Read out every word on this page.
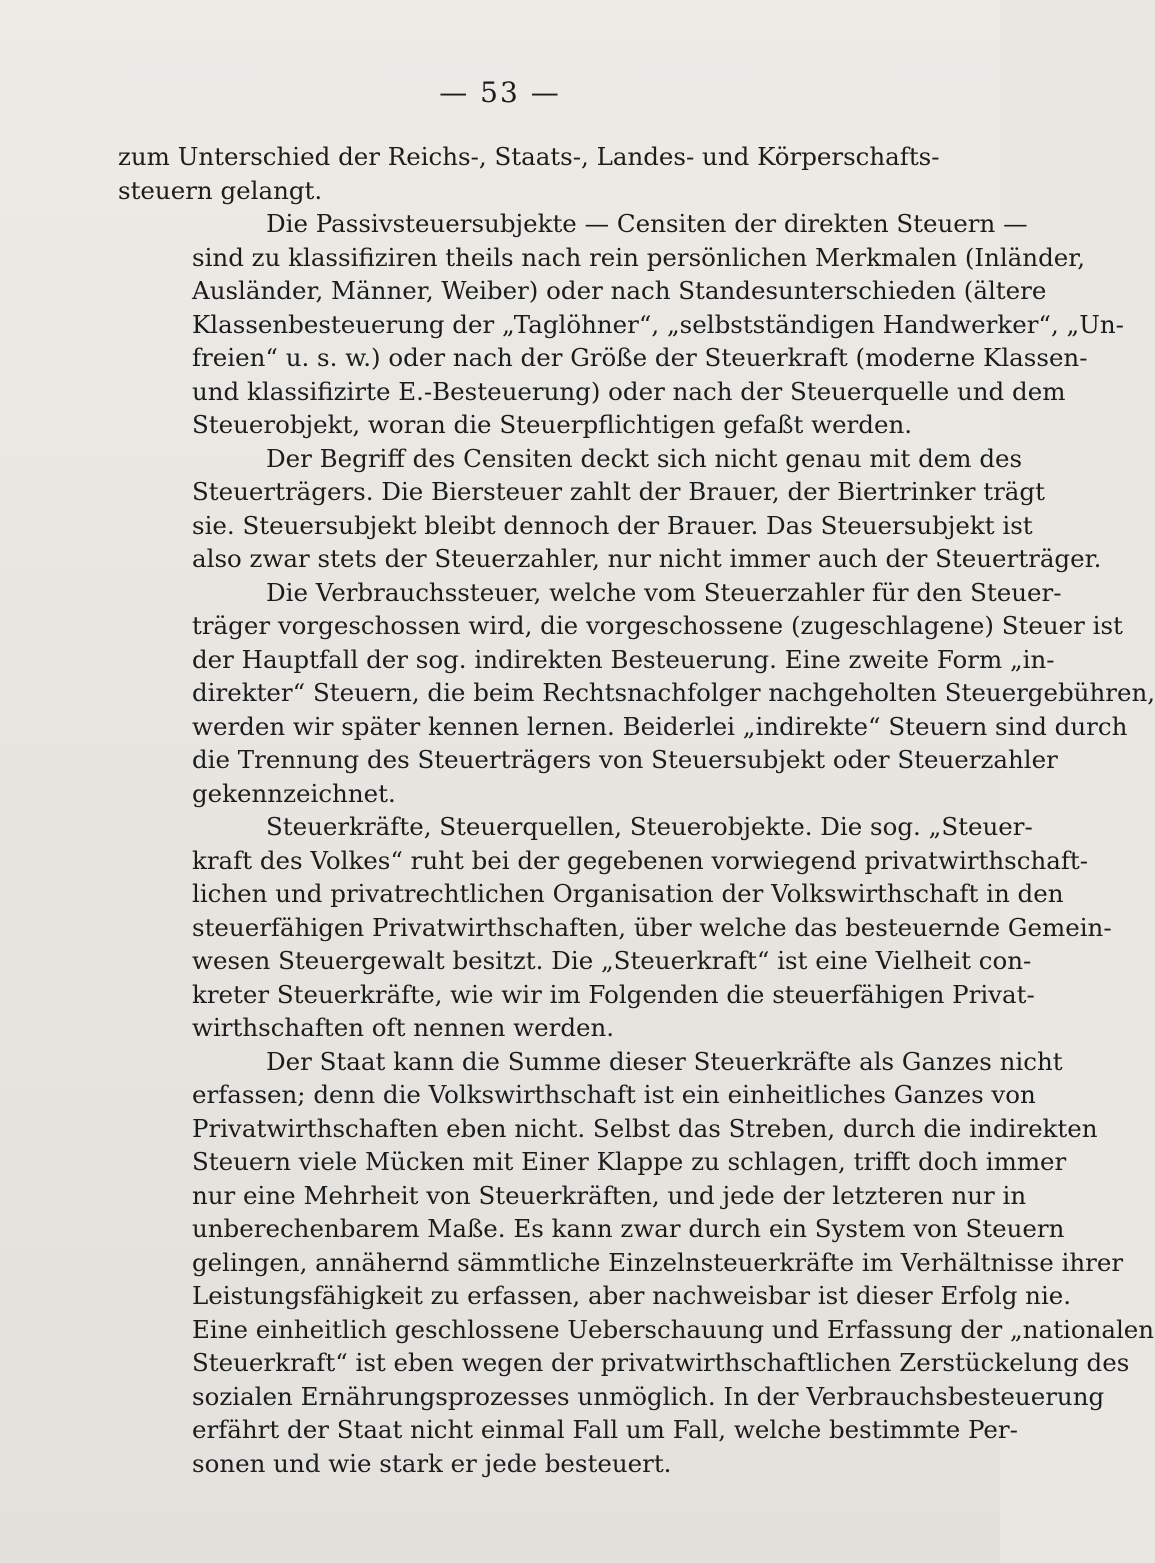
— 53 —

zum Unterschied der Reichs-, Staats-, Landes- und Körperschafts-
steuern gelangt.

Die Passivsteuersubjekte — Censiten der direkten Steuern —
sind zu klassifiziren theils nach rein persönlichen Merkmalen (Inländer,
Ausländer, Männer, Weiber) oder nach Standesunterschieden (ältere
Klassenbesteuerung der „Taglöhner“, „selbstständigen Handwerker“, „Un-
freien“ u. s. w.) oder nach der Größe der Steuerkraft (moderne Klassen-
und klassifizirte E.-Besteuerung) oder nach der Steuerquelle und dem
Steuerobjekt, woran die Steuerpflichtigen gefaßt werden.

Der Begriff des Censiten deckt sich nicht genau mit dem des
Steuerträgers. Die Biersteuer zahlt der Brauer, der Biertrinker trägt
sie. Steuersubjekt bleibt dennoch der Brauer. Das Steuersubjekt ist
also zwar stets der Steuerzahler, nur nicht immer auch der Steuerträger.

Die Verbrauchssteuer, welche vom Steuerzahler für den Steuer-
träger vorgeschossen wird, die vorgeschossene (zugeschlagene) Steuer ist
der Hauptfall der sog. indirekten Besteuerung. Eine zweite Form „in-
direkter“ Steuern, die beim Rechtsnachfolger nachgeholten Steuergebühren,
werden wir später kennen lernen. Beiderlei „indirekte“ Steuern sind durch
die Trennung des Steuerträgers von Steuersubjekt oder Steuerzahler
gekennzeichnet.

Steuerkräfte, Steuerquellen, Steuerobjekte. Die sog. „Steuer-
kraft des Volkes“ ruht bei der gegebenen vorwiegend privatwirthschaft-
lichen und privatrechtlichen Organisation der Volkswirthschaft in den
steuerfähigen Privatwirthschaften, über welche das besteuernde Gemein-
wesen Steuergewalt besitzt. Die „Steuerkraft“ ist eine Vielheit con-
kreter Steuerkräfte, wie wir im Folgenden die steuerfähigen Privat-
wirthschaften oft nennen werden.

Der Staat kann die Summe dieser Steuerkräfte als Ganzes nicht
erfassen; denn die Volkswirthschaft ist ein einheitliches Ganzes von
Privatwirthschaften eben nicht. Selbst das Streben, durch die indirekten
Steuern viele Mücken mit Einer Klappe zu schlagen, trifft doch immer
nur eine Mehrheit von Steuerkräften, und jede der letzteren nur in
unberechenbarem Maße. Es kann zwar durch ein System von Steuern
gelingen, annähernd sämmtliche Einzelnsteuerkräfte im Verhältnisse ihrer
Leistungsfähigkeit zu erfassen, aber nachweisbar ist dieser Erfolg nie.
Eine einheitlich geschlossene Ueberschauung und Erfassung der „nationalen
Steuerkraft“ ist eben wegen der privatwirthschaftlichen Zerstückelung des
sozialen Ernährungsprozesses unmöglich. In der Verbrauchsbesteuerung
erfährt der Staat nicht einmal Fall um Fall, welche bestimmte Per-
sonen und wie stark er jede besteuert.
